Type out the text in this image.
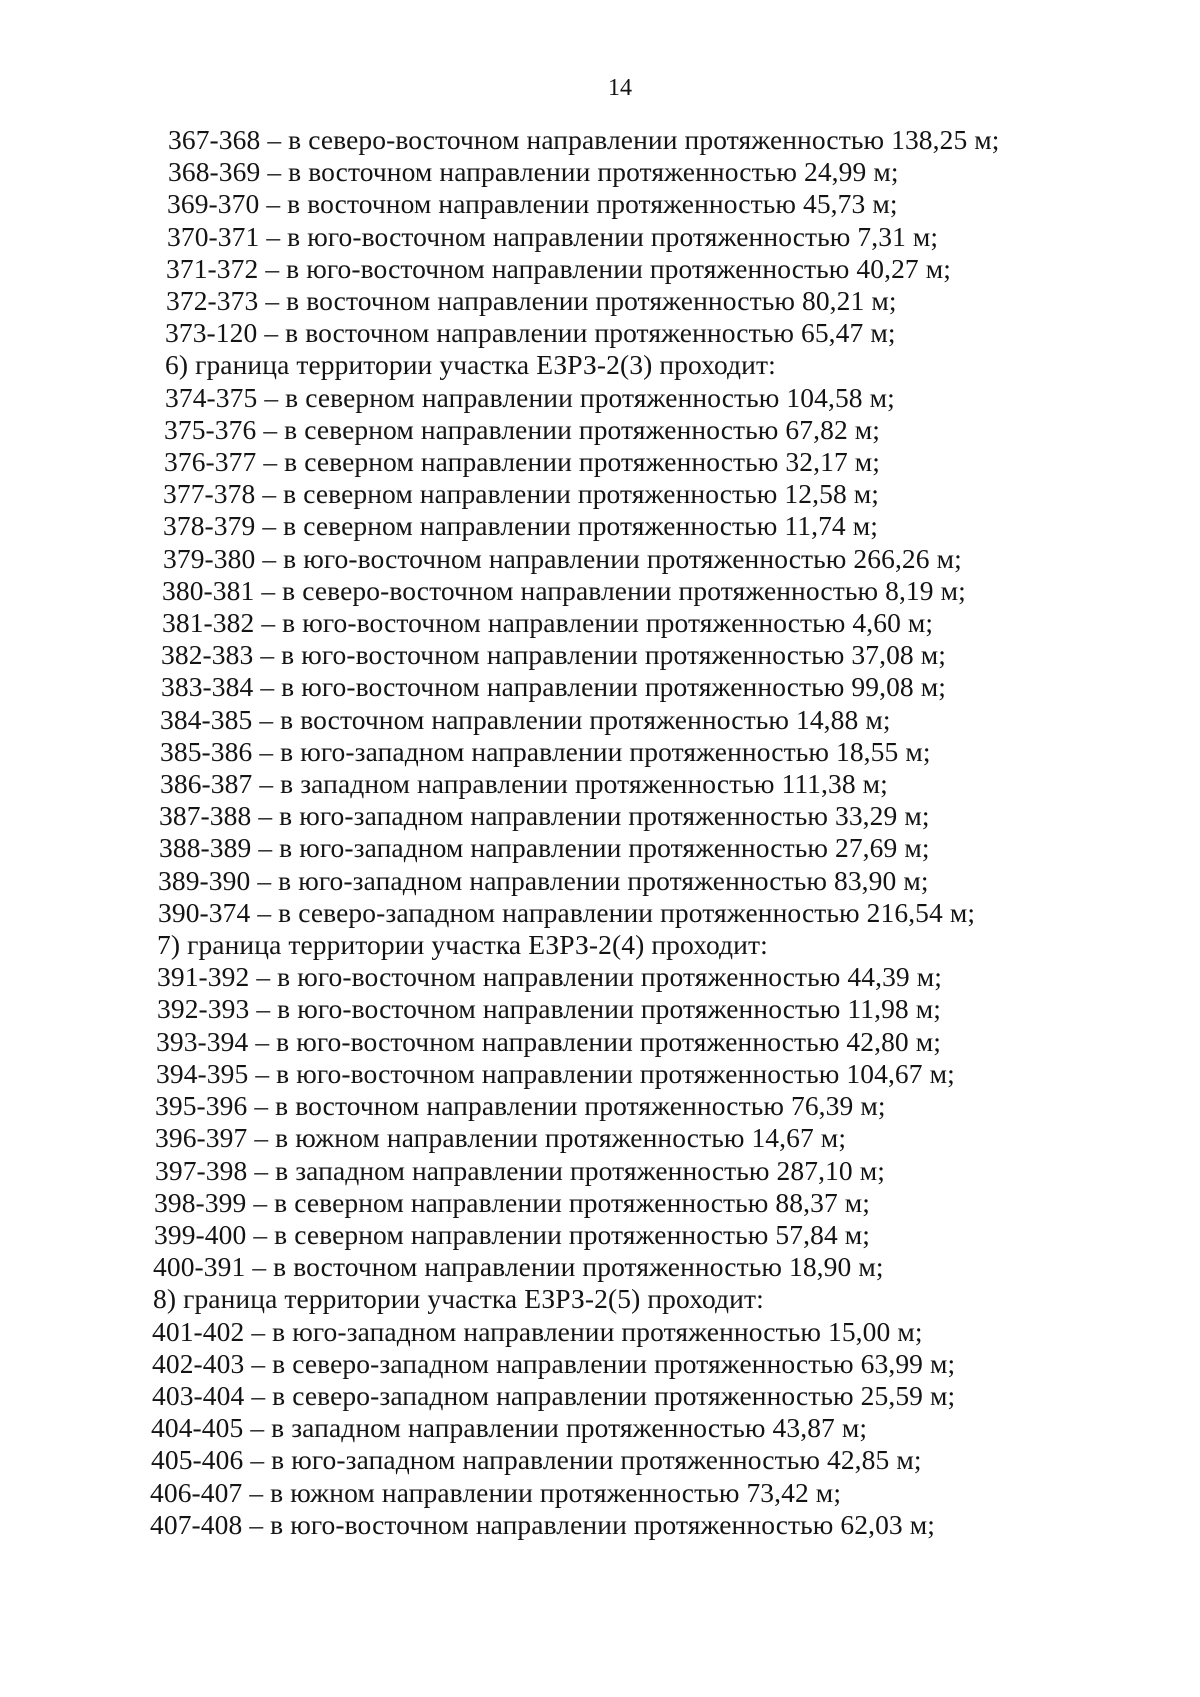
14
367-368 – в северо-восточном направлении протяженностью 138,25 м;
368-369 – в восточном направлении протяженностью 24,99 м;
369-370 – в восточном направлении протяженностью 45,73 м;
370-371 – в юго-восточном направлении протяженностью 7,31 м;
371-372 – в юго-восточном направлении протяженностью 40,27 м;
372-373 – в восточном направлении протяженностью 80,21 м;
373-120 – в восточном направлении протяженностью 65,47 м;
6) граница территории участка ЕЗРЗ-2(3) проходит:
374-375 – в северном направлении протяженностью 104,58 м;
375-376 – в северном направлении протяженностью 67,82 м;
376-377 – в северном направлении протяженностью 32,17 м;
377-378 – в северном направлении протяженностью 12,58 м;
378-379 – в северном направлении протяженностью 11,74 м;
379-380 – в юго-восточном направлении протяженностью 266,26 м;
380-381 – в северо-восточном направлении протяженностью 8,19 м;
381-382 – в юго-восточном направлении протяженностью 4,60 м;
382-383 – в юго-восточном направлении протяженностью 37,08 м;
383-384 – в юго-восточном направлении протяженностью 99,08 м;
384-385 – в восточном направлении протяженностью 14,88 м;
385-386 – в юго-западном направлении протяженностью 18,55 м;
386-387 – в западном направлении протяженностью 111,38 м;
387-388 – в юго-западном направлении протяженностью 33,29 м;
388-389 – в юго-западном направлении протяженностью 27,69 м;
389-390 – в юго-западном направлении протяженностью 83,90 м;
390-374 – в северо-западном направлении протяженностью 216,54 м;
7) граница территории участка ЕЗРЗ-2(4) проходит:
391-392 – в юго-восточном направлении протяженностью 44,39 м;
392-393 – в юго-восточном направлении протяженностью 11,98 м;
393-394 – в юго-восточном направлении протяженностью 42,80 м;
394-395 – в юго-восточном направлении протяженностью 104,67 м;
395-396 – в восточном направлении протяженностью 76,39 м;
396-397 – в южном направлении протяженностью 14,67 м;
397-398 – в западном направлении протяженностью 287,10 м;
398-399 – в северном направлении протяженностью 88,37 м;
399-400 – в северном направлении протяженностью 57,84 м;
400-391 – в восточном направлении протяженностью 18,90 м;
8) граница территории участка ЕЗРЗ-2(5) проходит:
401-402 – в юго-западном направлении протяженностью 15,00 м;
402-403 – в северо-западном направлении протяженностью 63,99 м;
403-404 – в северо-западном направлении протяженностью 25,59 м;
404-405 – в западном направлении протяженностью 43,87 м;
405-406 – в юго-западном направлении протяженностью 42,85 м;
406-407 – в южном направлении протяженностью 73,42 м;
407-408 – в юго-восточном направлении протяженностью 62,03 м;
